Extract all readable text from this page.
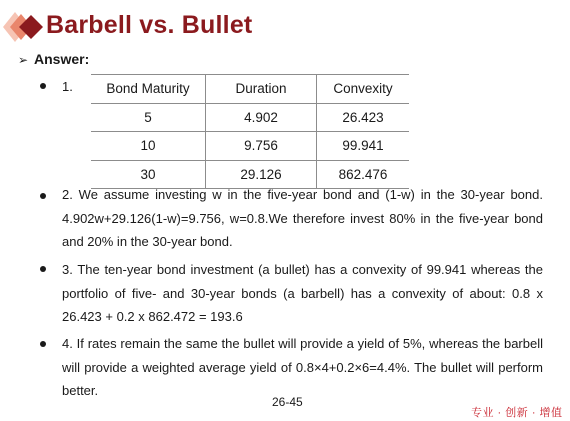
Barbell vs. Bullet
➢ Answer:
1. Bond Maturity	Duration	Convexity
5	4.902	26.423
10	9.756	99.941
30	29.126	862.476
2. We assume investing w in the five-year bond and (1-w) in the 30-year bond. 4.902w+29.126(1-w)=9.756, w=0.8.We therefore invest 80% in the five-year bond and 20% in the 30-year bond.
3. The ten-year bond investment (a bullet) has a convexity of 99.941 whereas the portfolio of five- and 30-year bonds (a barbell) has a convexity of about: 0.8 x 26.423 + 0.2 x 862.472 = 193.6
4. If rates remain the same the bullet will provide a yield of 5%, whereas the barbell will provide a weighted average yield of 0.8×4+0.2×6=4.4%. The bullet will perform better.
26-45
专业 · 创新 · 增值
